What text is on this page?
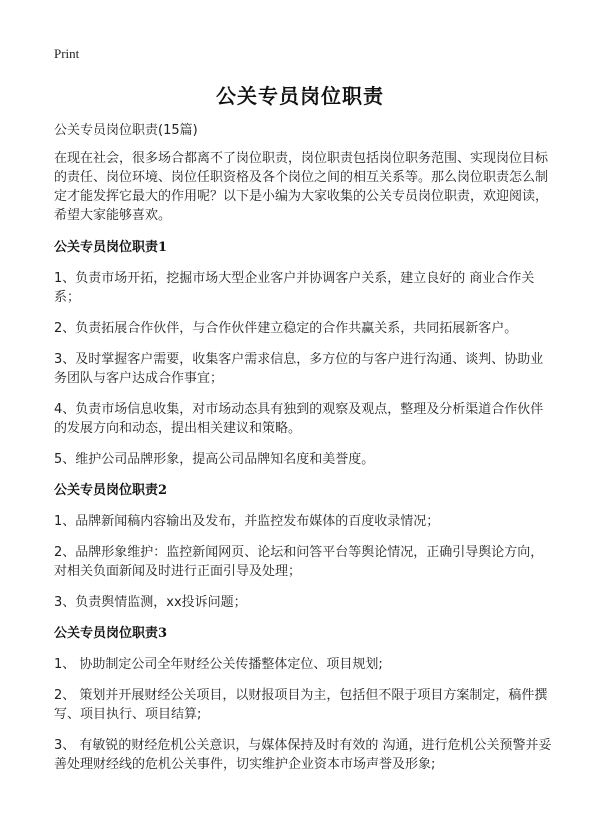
Print
公关专员岗位职责
公关专员岗位职责(15篇)

在现在社会，很多场合都离不了岗位职责，岗位职责包括岗位职务范围、实现岗位目标的责任、岗位环境、岗位任职资格及各个岗位之间的相互关系等。那么岗位职责怎么制定才能发挥它最大的作用呢？以下是小编为大家收集的公关专员岗位职责，欢迎阅读，希望大家能够喜欢。

公关专员岗位职责1

1、负责市场开拓，挖掘市场大型企业客户并协调客户关系，建立良好的 商业合作关系；

2、负责拓展合作伙伴，与合作伙伴建立稳定的合作共赢关系，共同拓展新客户。

3、及时掌握客户需要，收集客户需求信息，多方位的与客户进行沟通、谈判、协助业务团队与客户达成合作事宜；

4、负责市场信息收集，对市场动态具有独到的观察及观点，整理及分析渠道合作伙伴的发展方向和动态，提出相关建议和策略。

5、维护公司品牌形象，提高公司品牌知名度和美誉度。

公关专员岗位职责2

1、品牌新闻稿内容输出及发布，并监控发布媒体的百度收录情况；

2、品牌形象维护：监控新闻网页、论坛和问答平台等舆论情况，正确引导舆论方向，对相关负面新闻及时进行正面引导及处理；

3、负责舆情监测，xx投诉问题；

公关专员岗位职责3

1、 协助制定公司全年财经公关传播整体定位、项目规划;

2、 策划并开展财经公关项目，以财报项目为主，包括但不限于项目方案制定，稿件撰写、项目执行、项目结算;

3、 有敏锐的财经危机公关意识，与媒体保持及时有效的 沟通，进行危机公关预警并妥善处理财经线的危机公关事件，切实维护企业资本市场声誉及形象;
